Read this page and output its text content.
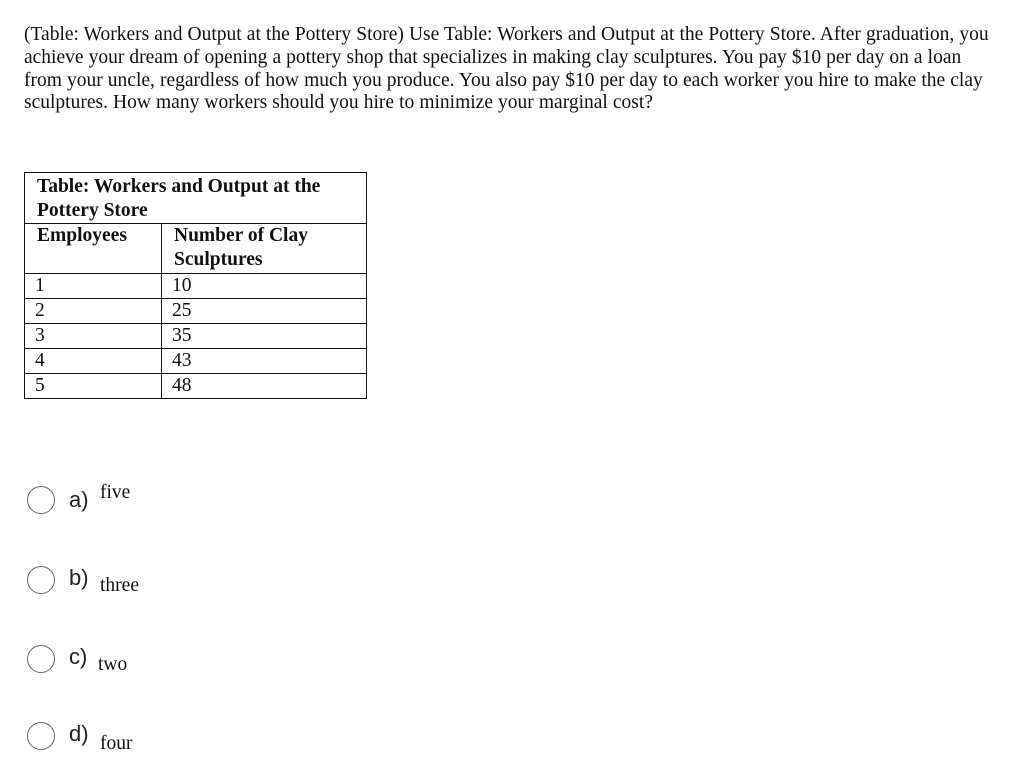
(Table: Workers and Output at the Pottery Store) Use Table: Workers and Output at the Pottery Store. After graduation, you achieve your dream of opening a pottery shop that specializes in making clay sculptures. You pay $10 per day on a loan from your uncle, regardless of how much you produce. You also pay $10 per day to each worker you hire to make the clay sculptures. How many workers should you hire to minimize your marginal cost?

Table: Workers and Output at the Pottery Store	
Employees	Number of Clay Sculptures
1	10
2	25
3	35
4	43
5	48
a) five
b) three
c) two
d) four
